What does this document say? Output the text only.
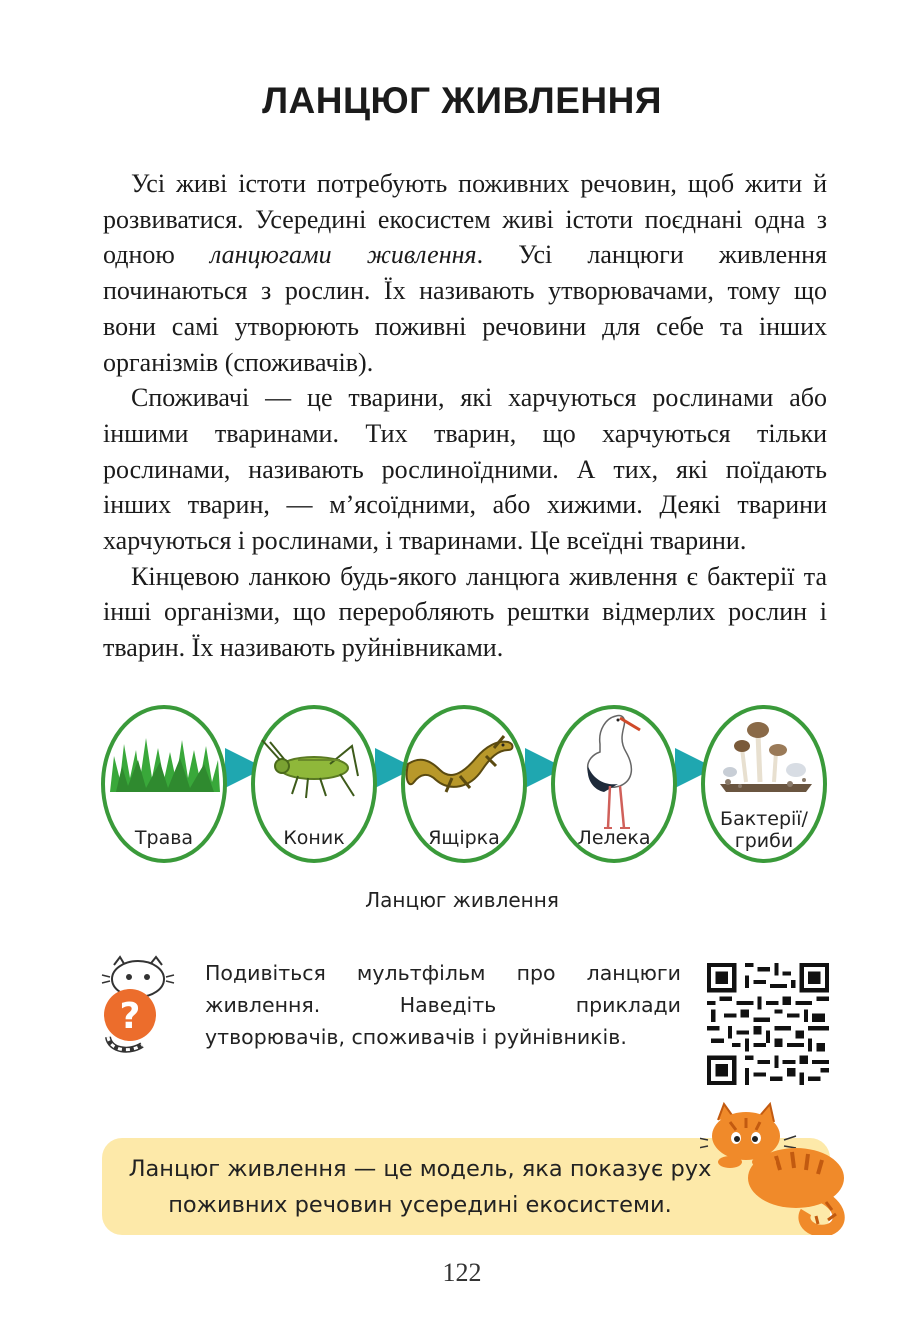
ЛАНЦЮГ ЖИВЛЕННЯ

Усі живі істоти потребують поживних речовин, щоб жити й розвиватися. Усередині екосистем живі істоти поєднані одна з одною ланцюгами живлення. Усі ланцюги живлення починаються з рослин. Їх називають утворювачами, тому що вони самі утворюють поживні речовини для себе та інших організмів (споживачів).

Споживачі — це тварини, які харчуються рослинами або іншими тваринами. Тих тварин, що харчуються тільки рослинами, називають рослиноїдними. А тих, які поїдають інших тварин, — м’ясоїдними, або хижими. Деякі тварини харчуються і рослинами, і тваринами. Це всеїдні тварини.

Кінцевою ланкою будь-якого ланцюга живлення є бактерії та інші організми, що переробляють рештки відмерлих рослин і тварин. Їх називають руйнівниками.

Трава	Коник	Ящірка	Лелека
Бактерії/
гриби
Ланцюг живлення
?
Подивіться мультфільм про ланцюги живлення. Наведіть приклади утворювачів, споживачів і руйнівників.
Ланцюг живлення — це модель, яка показує рух поживних речовин усередині екосистеми.
122
